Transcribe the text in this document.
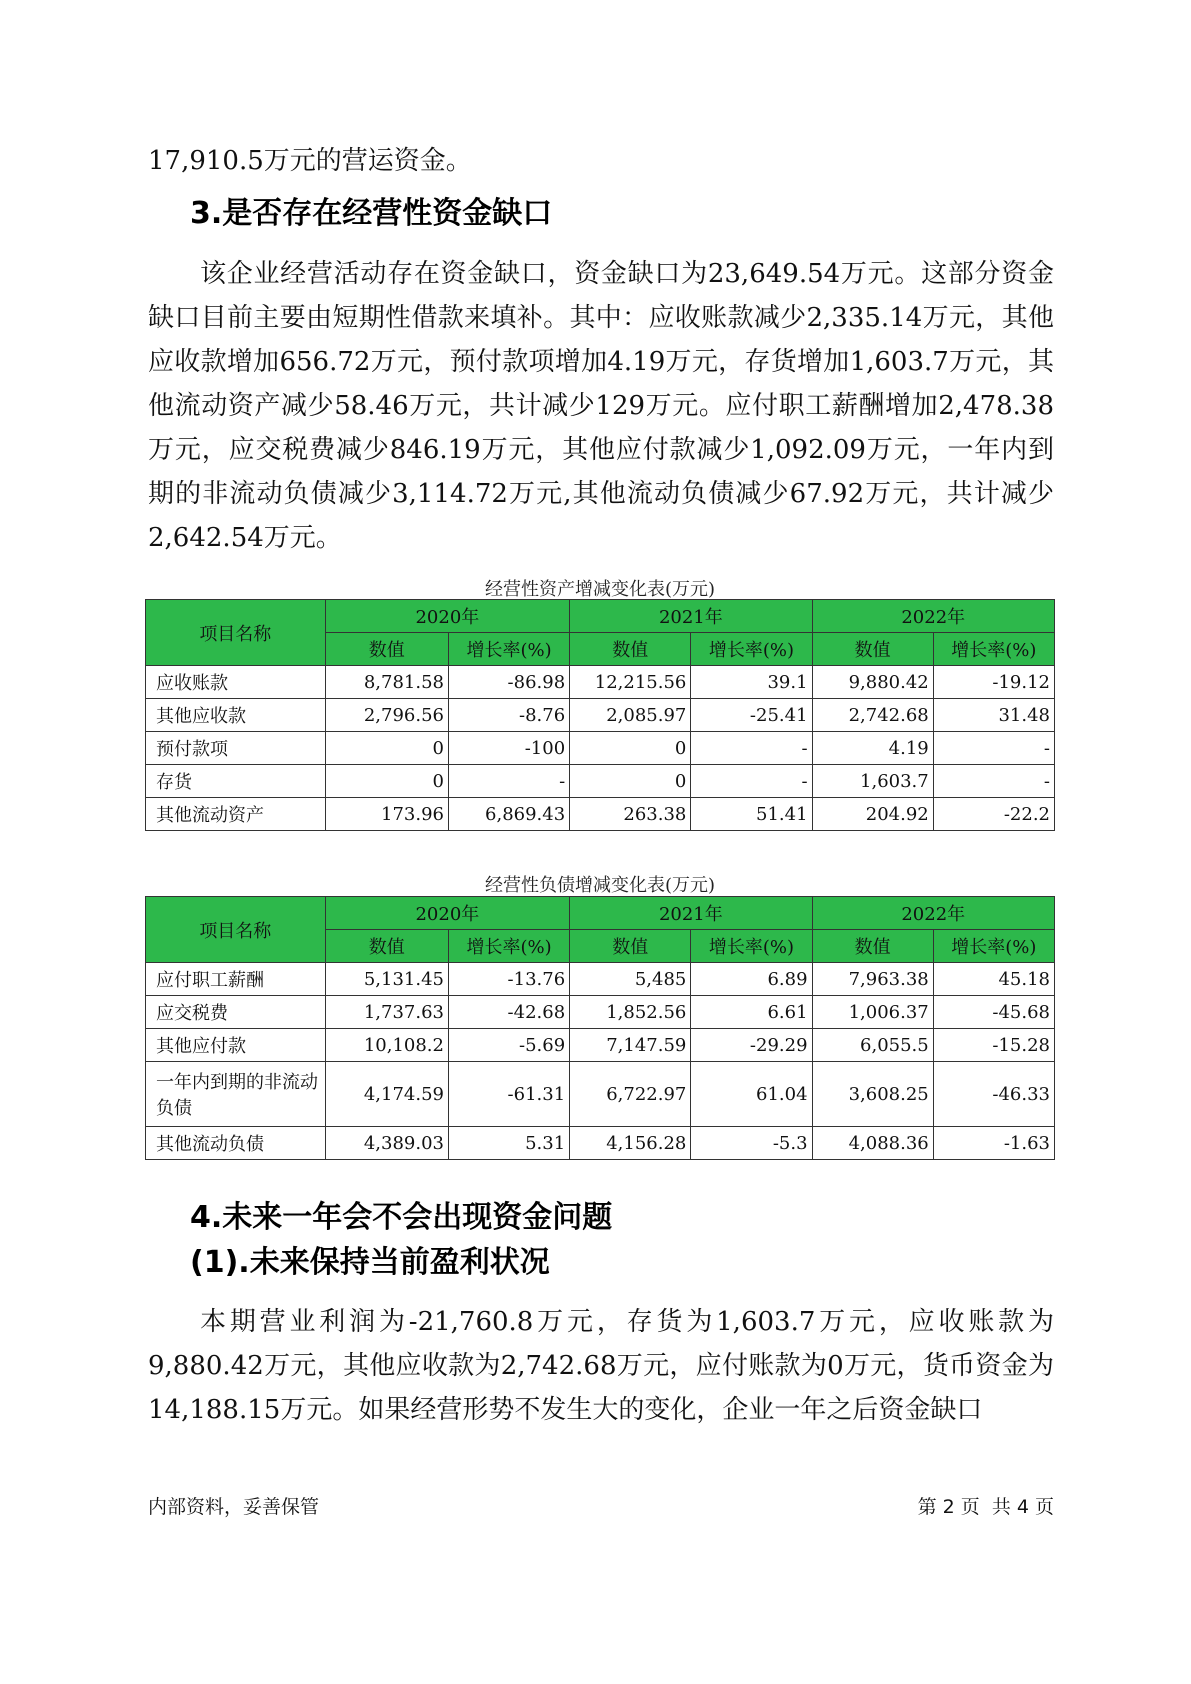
17,910.5万元的营运资金。

3.是否存在经营性资金缺口

该企业经营活动存在资金缺口，资金缺口为23,649.54万元。这部分资金缺口目前主要由短期性借款来填补。其中：应收账款减少2,335.14万元，其他应收款增加656.72万元，预付款项增加4.19万元，存货增加1,603.7万元，其他流动资产减少58.46万元，共计减少129万元。应付职工薪酬增加2,478.38万元，应交税费减少846.19万元，其他应付款减少1,092.09万元，一年内到期的非流动负债减少3,114.72万元,其他流动负债减少67.92万元，共计减少2,642.54万元。

经营性资产增减变化表(万元)
项目名称	2020年		2021年		2022年	
	数值	增长率(%)	数值	增长率(%)	数值	增长率(%)
应收账款	8,781.58	-86.98	12,215.56	39.1	9,880.42	-19.12
其他应收款	2,796.56	-8.76	2,085.97	-25.41	2,742.68	31.48
预付款项	0	-100	0	-	4.19	-
存货	0	-	0	-	1,603.7	-
其他流动资产	173.96	6,869.43	263.38	51.41	204.92	-22.2
经营性负债增减变化表(万元)
项目名称	2020年		2021年		2022年	
	数值	增长率(%)	数值	增长率(%)	数值	增长率(%)
应付职工薪酬	5,131.45	-13.76	5,485	6.89	7,963.38	45.18
应交税费	1,737.63	-42.68	1,852.56	6.61	1,006.37	-45.68
其他应付款	10,108.2	-5.69	7,147.59	-29.29	6,055.5	-15.28
一年内到期的非流动负债	4,174.59	-61.31	6,722.97	61.04	3,608.25	-46.33
其他流动负债	4,389.03	5.31	4,156.28	-5.3	4,088.36	-1.63
4.未来一年会不会出现资金问题
(1).未来保持当前盈利状况

本期营业利润为-21,760.8万元，存货为1,603.7万元，应收账款为9,880.42万元，其他应收款为2,742.68万元，应付账款为0万元，货币资金为14,188.15万元。如果经营形势不发生大的变化，企业一年之后资金缺口

内部资料，妥善保管	第 2 页  共 4 页
